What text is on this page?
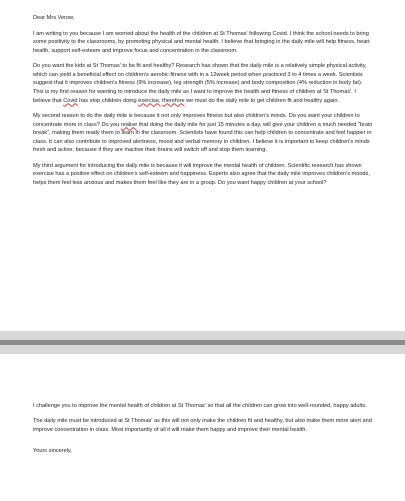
Dear Mrs Verow,

I am writing to you because I am worried about the health of the children at St Thomas' following Covid. I think the school needs to bring some positivity to the classrooms, by promoting physical and mental health. I believe that bringing in the daily mile will help fitness, heart health, support self-esteem and improve focus and concentration in the classroom.

Do you want the kids at St Thomas' to be fit and healthy? Research has shown that the daily mile is a relatively simple physical activity, which can yield a beneficial effect on children's aerobic fitness with in a 12week period when practiced 3 to 4 times a week. Scientists suggest that it improves children's fitness (9% increase), leg strength (5% increase) and body composition (4% reduction in body fat). This is my first reason for wanting to introduce the daily mile as I want to improve the health and fitness of children at St Thomas'. I believe that Covid has stop children doing exercise, therefore we must do the daily mile to get children fit and healthy again.

My second reason to do the daily mile is because it not only improves fitness but also children's minds. Do you want your children to concentrate more in class? Do you realise that doing the daily mile for just 15 minutes a day, will give your children a much needed "brain break", making them ready them to learn in the classroom. Scientists have found this can help children to concentrate and feel happier in class. It can also contribute to improved alertness, mood and verbal memory in children. I believe it is important to keep children's minds fresh and active, because if they are inactive their brains will switch off and stop them learning.

My third argument for introducing the daily mile is because it will improve the mental health of children. Scientific research has shown exercise has a positive effect on children's self-esteem and happiness. Experts also agree that the daily mile improves children's moods, helps them feel less anxious and makes them feel like they are in a group. Do you want happy children at your school?

I challenge you to improve the mental health of children at St Thomas' so that all the children can grow into well-rounded, happy adults.

The daily mile must be introduced at St Thomas' as this will not only make the children fit and healthy, but also make them more alert and improve concentration in class. Most importantly of all it will make them happy and improve their mental health.

Yours sincerely,
